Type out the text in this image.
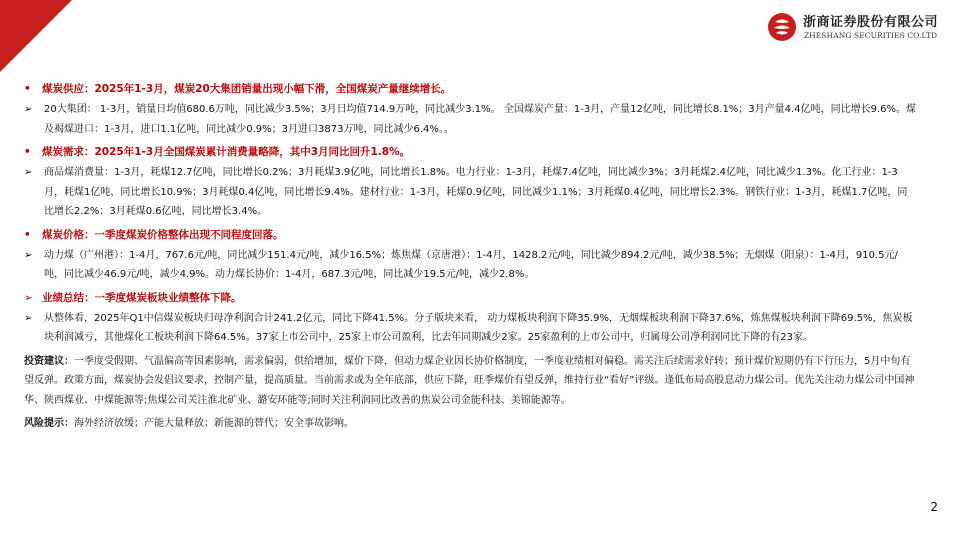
浙商证券股份有限公司
ZHESHANG SECURITIES CO.LTD
•	煤炭供应：2025年1-3月，煤炭20大集团销量出现小幅下滑，全国煤炭产量继续增长。
➢	20大集团： 1-3月，销量日均值680.6万吨，同比减少3.5%；3月日均值714.9万吨，同比减少3.1%。 全国煤炭产量：1-3月，产量12亿吨，同比增长8.1%；3月产量4.4亿吨，同比增长9.6%。煤及褐煤进口：1-3月，进口1.1亿吨，同比减少0.9%；3月进口3873万吨，同比减少6.4%。。
•	煤炭需求：2025年1-3月全国煤炭累计消费量略降，其中3月同比回升1.8%。
➢	商品煤消费量：1-3月，耗煤12.7亿吨，同比增长0.2%；3月耗煤3.9亿吨，同比增长1.8%。电力行业：1-3月，耗煤7.4亿吨，同比减少3%；3月耗煤2.4亿吨，同比减少1.3%。化工行业：1-3月，耗煤1亿吨，同比增长10.9%；3月耗煤0.4亿吨，同比增长9.4%。建材行业：1-3月，耗煤0.9亿吨，同比减少1.1%；3月耗煤0.4亿吨，同比增长2.3%。钢铁行业：1-3月，耗煤1.7亿吨，同比增长2.2%；3月耗煤0.6亿吨，同比增长3.4%。
•	煤炭价格：一季度煤炭价格整体出现不同程度回落。
➢	动力煤（广州港）：1-4月，767.6元/吨，同比减少151.4元/吨，减少16.5%；炼焦煤（京唐港）：1-4月，1428.2元/吨，同比减少894.2元/吨，减少38.5%；无烟煤（阳泉）：1-4月，910.5元/吨，同比减少46.9元/吨，减少4.9%。动力煤长协价：1-4月，687.3元/吨，同比减少19.5元/吨，减少2.8%。
➢ 业绩总结：一季度煤炭板块业绩整体下降。
➢	从整体看，2025年Q1中信煤炭板块归母净利润合计241.2亿元，同比下降41.5%。分子版块来看， 动力煤板块利润下降35.9%，无烟煤板块利润下降37.6%，炼焦煤板块利润下降69.5%，焦炭板块利润减亏，其他煤化工板块利润下降64.5%。37家上市公司中，25家上市公司盈利，比去年同期减少2家。25家盈利的上市公司中，归属母公司净利润同比下降的有23家。
投资建议：一季度受假期、气温偏高等因素影响，需求偏弱，供给增加，煤价下降，但动力煤企业因长协价格制度，一季度业绩相对偏稳。需关注后续需求好转；预计煤价短期仍有下行压力，5月中旬有望反弹。政策方面，煤炭协会发倡议要求，控制产量，提高质量。当前需求或为全年底部，供应下降，旺季煤价有望反弹，维持行业“看好”评级。逢低布局高股息动力煤公司。优先关注动力煤公司中国神华、陕西煤业、中煤能源等;焦煤公司关注淮北矿业、潞安环能等;同时关注利润同比改善的焦炭公司金能科技、美锦能源等。
风险提示：海外经济放缓；产能大量释放；新能源的替代；安全事故影响。
2
